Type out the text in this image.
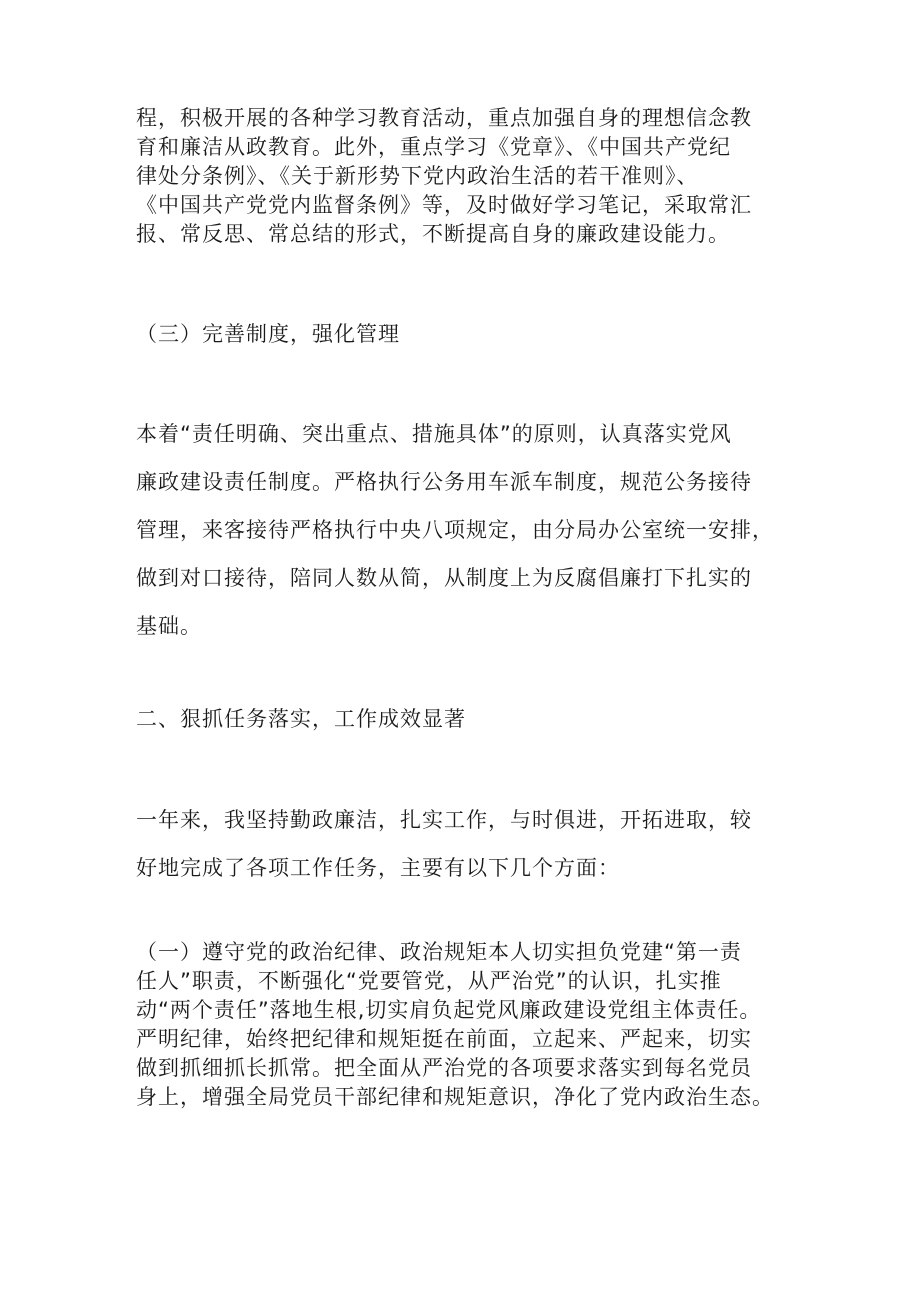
程，积极开展的各种学习教育活动，重点加强自身的理想信念教
育和廉洁从政教育。此外，重点学习《党章》、《中国共产党纪
律处分条例》、《关于新形势下党内政治生活的若干准则》、
《中国共产党党内监督条例》等，及时做好学习笔记，采取常汇
报、常反思、常总结的形式，不断提高自身的廉政建设能力。

（三）完善制度，强化管理

本着“责任明确、突出重点、措施具体”的原则，认真落实党风
廉政建设责任制度。严格执行公务用车派车制度，规范公务接待
管理，来客接待严格执行中央八项规定，由分局办公室统一安排，
做到对口接待，陪同人数从简，从制度上为反腐倡廉打下扎实的
基础。

二、狠抓任务落实，工作成效显著

一年来，我坚持勤政廉洁，扎实工作，与时俱进，开拓进取，较
好地完成了各项工作任务，主要有以下几个方面：

（一）遵守党的政治纪律、政治规矩本人切实担负党建“第一责
任人”职责，不断强化“党要管党，从严治党”的认识，扎实推
动“两个责任”落地生根,切实肩负起党风廉政建设党组主体责任。
严明纪律，始终把纪律和规矩挺在前面，立起来、严起来，切实
做到抓细抓长抓常。把全面从严治党的各项要求落实到每名党员
身上，增强全局党员干部纪律和规矩意识，净化了党内政治生态。
